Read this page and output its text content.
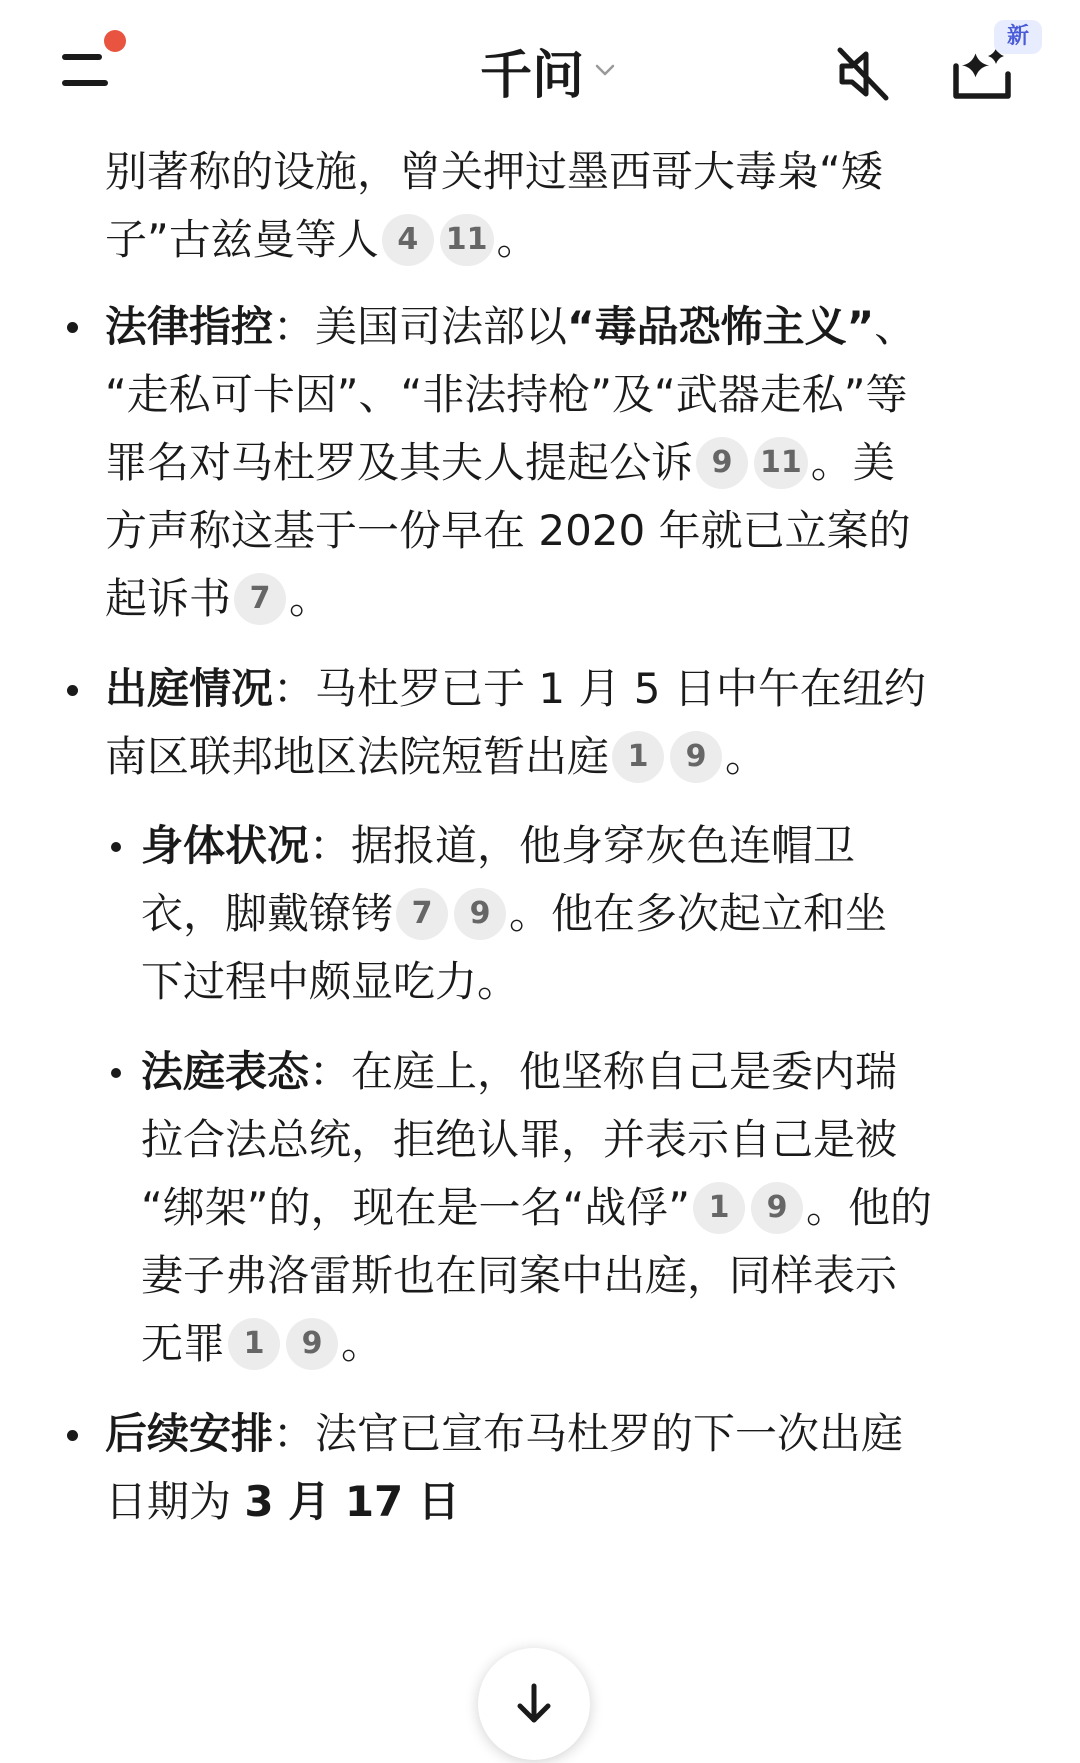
千问
新
别著称的设施，曾关押过墨西哥大毒枭“矮
子”古兹曼等人 4 11 。
法律指控：美国司法部以“毒品恐怖主义”、
“走私可卡因”、“非法持枪”及“武器走私”等
罪名对马杜罗及其夫人提起公诉 9 11 。美
方声称这基于一份早在 2020 年就已立案的
起诉书 7 。
出庭情况：马杜罗已于 1 月 5 日中午在纽约
南区联邦地区法院短暂出庭 1 9 。
身体状况：据报道，他身穿灰色连帽卫
衣，脚戴镣铐 7 9 。他在多次起立和坐
下过程中颇显吃力。
法庭表态：在庭上，他坚称自己是委内瑞
拉合法总统，拒绝认罪，并表示自己是被
“绑架”的，现在是一名“战俘” 1 9 。他的
妻子弗洛雷斯也在同案中出庭，同样表示
无罪 1 9 。
后续安排：法官已宣布马杜罗的下一次出庭
日期为 3 月 17 日
